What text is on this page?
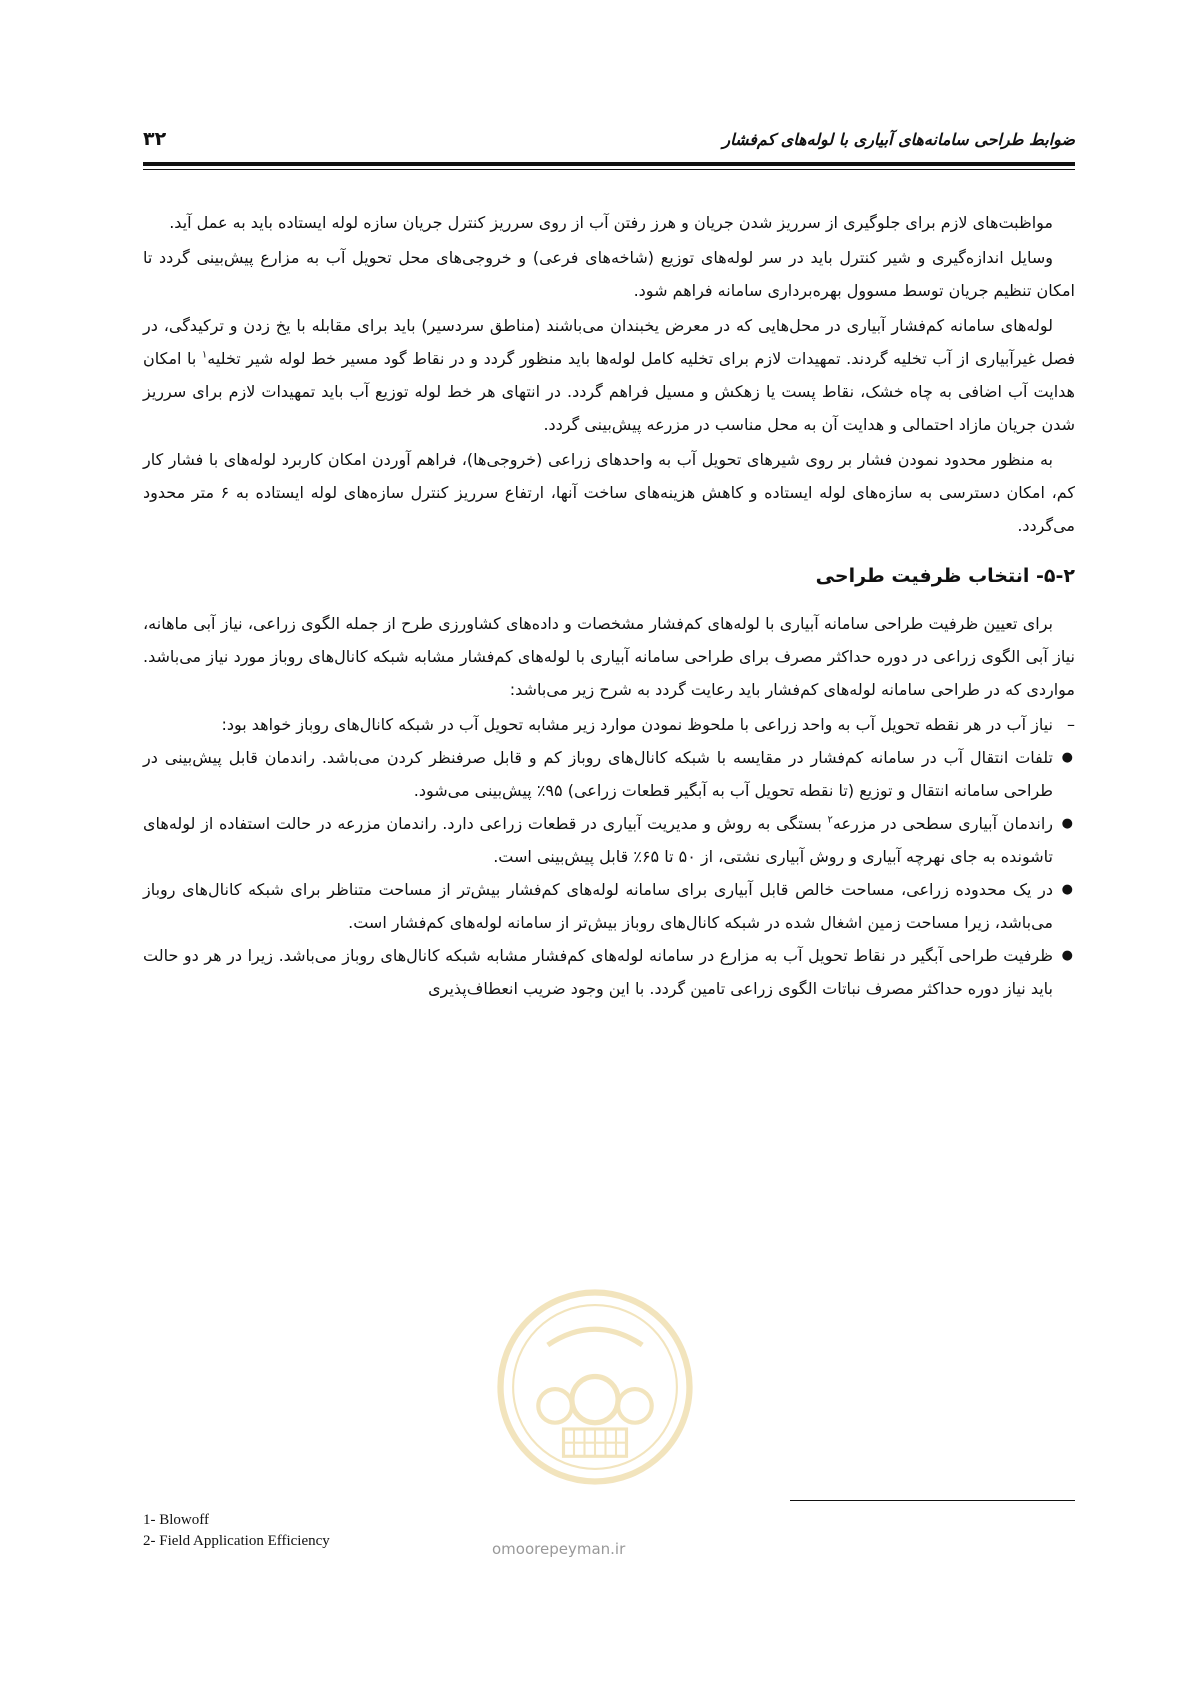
ضوابط طراحی سامانه‌های آبیاری با لوله‌های کم‌فشار
۳۲

مواظبت‌های لازم برای جلوگیری از سرریز شدن جریان و هرز رفتن آب از روی سرریز کنترل جریان سازه لوله ایستاده باید به عمل آید.

وسایل اندازه‌گیری و شیر کنترل باید در سر لوله‌های توزیع (شاخه‌های فرعی) و خروجی‌های محل تحویل آب به مزارع پیش‌بینی گردد تا امکان تنظیم جریان توسط مسوول بهره‌برداری سامانه فراهم شود.

لوله‌های سامانه کم‌فشار آبیاری در محل‌هایی که در معرض یخبندان می‌باشند (مناطق سردسیر) باید برای مقابله با یخ زدن و ترکیدگی، در فصل غیرآبیاری از آب تخلیه گردند. تمهیدات لازم برای تخلیه کامل لوله‌ها باید منظور گردد و در نقاط گود مسیر خط لوله شیر تخلیه$^۱$ با امکان هدایت آب اضافی به چاه خشک، نقاط پست یا زهکش و مسیل فراهم گردد. در انتهای هر خط لوله توزیع آب باید تمهیدات لازم برای سرریز شدن جریان مازاد احتمالی و هدایت آن به محل مناسب در مزرعه پیش‌بینی گردد.

به منظور محدود نمودن فشار بر روی شیرهای تحویل آب به واحدهای زراعی (خروجی‌ها)، فراهم آوردن امکان کاربرد لوله‌های با فشار کار کم، امکان دسترسی به سازه‌های لوله ایستاده و کاهش هزینه‌های ساخت آنها، ارتفاع سرریز کنترل سازه‌های لوله ایستاده به ۶ متر محدود می‌گردد.

۵-۲- انتخاب ظرفیت طراحی

برای تعیین ظرفیت طراحی سامانه آبیاری با لوله‌های کم‌فشار مشخصات و داده‌های کشاورزی طرح از جمله الگوی زراعی، نیاز آبی ماهانه، نیاز آبی الگوی زراعی در دوره حداکثر مصرف برای طراحی سامانه آبیاری با لوله‌های کم‌فشار مشابه شبکه کانال‌های روباز مورد نیاز می‌باشد. مواردی که در طراحی سامانه لوله‌های کم‌فشار باید رعایت گردد به شرح زیر می‌باشد:

–
نیاز آب در هر نقطه تحویل آب به واحد زراعی با ملحوظ نمودن موارد زیر مشابه تحویل آب در شبکه کانال‌های روباز خواهد بود:

●
تلفات انتقال آب در سامانه کم‌فشار در مقایسه با شبکه کانال‌های روباز کم و قابل صرفنظر کردن می‌باشد. راندمان قابل پیش‌بینی در طراحی سامانه انتقال و توزیع (تا نقطه تحویل آب به آبگیر قطعات زراعی) ۹۵٪ پیش‌بینی می‌شود.

●
راندمان آبیاری سطحی در مزرعه$^۲$ بستگی به روش و مدیریت آبیاری در قطعات زراعی دارد. راندمان مزرعه در حالت استفاده از لوله‌های تاشونده به جای نهرچه آبیاری و روش آبیاری نشتی، از ۵۰ تا ۶۵٪ قابل پیش‌بینی است.

●
در یک محدوده زراعی، مساحت خالص قابل آبیاری برای سامانه لوله‌های کم‌فشار بیش‌تر از مساحت متناظر برای شبکه کانال‌های روباز می‌باشد، زیرا مساحت زمین اشغال شده در شبکه کانال‌های روباز بیش‌تر از سامانه لوله‌های کم‌فشار است.

●
ظرفیت طراحی آبگیر در نقاط تحویل آب به مزارع در سامانه لوله‌های کم‌فشار مشابه شبکه کانال‌های روباز می‌باشد. زیرا در هر دو حالت باید نیاز دوره حداکثر مصرف نباتات الگوی زراعی تامین گردد. با این وجود ضریب انعطاف‌پذیری

omoorepeyman.ir
1- Blowoff
2- Field Application Efficiency
